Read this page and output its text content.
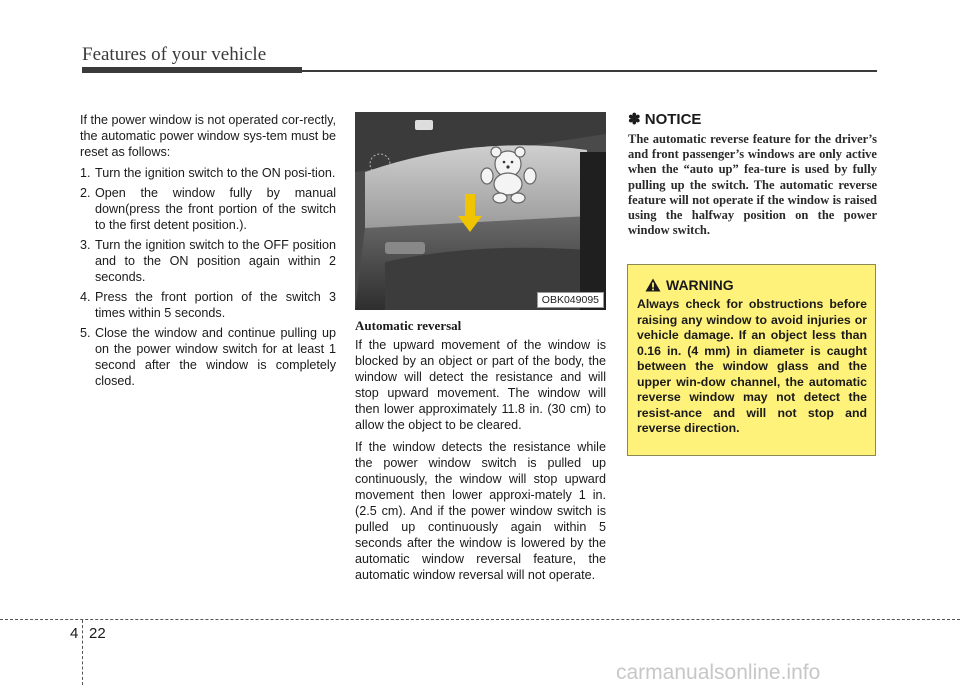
Features of your vehicle

If the power window is not operated cor-rectly, the automatic power window sys-tem must be reset as follows:

1. Turn the ignition switch to the ON posi-tion.
2. Open the window fully by manual down(press the front portion of the switch to the first detent position.).
3. Turn the ignition switch to the OFF position and to the ON position again within 2 seconds.
4. Press the front portion of the switch 3 times within 5 seconds.
5. Close the window and continue pulling up on the power window switch for at least 1 second after the window is completely closed.
OBK049095
Automatic reversal

If the upward movement of the window is blocked by an object or part of the body, the window will detect the resistance and will stop upward movement. The window will then lower approximately 11.8 in. (30 cm) to allow the object to be cleared.

If the window detects the resistance while the power window switch is pulled up continuously, the window will stop upward movement then lower approxi-mately 1 in. (2.5 cm). And if the power window switch is pulled up continuously again within 5 seconds after the window is lowered by the automatic window reversal feature, the automatic window reversal will not operate.

✽ NOTICE

The automatic reverse feature for the driver’s and front passenger’s windows are only active when the “auto up” fea-ture is used by fully pulling up the switch. The automatic reverse feature will not operate if the window is raised using the halfway position on the power window switch.

WARNING

Always check for obstructions before raising any window to avoid injuries or vehicle damage. If an object less than 0.16 in. (4 mm) in diameter is caught between the window glass and the upper win-dow channel, the automatic reverse window may not detect the resist-ance and will not stop and reverse direction.

4 22
carmanualsonline.info
